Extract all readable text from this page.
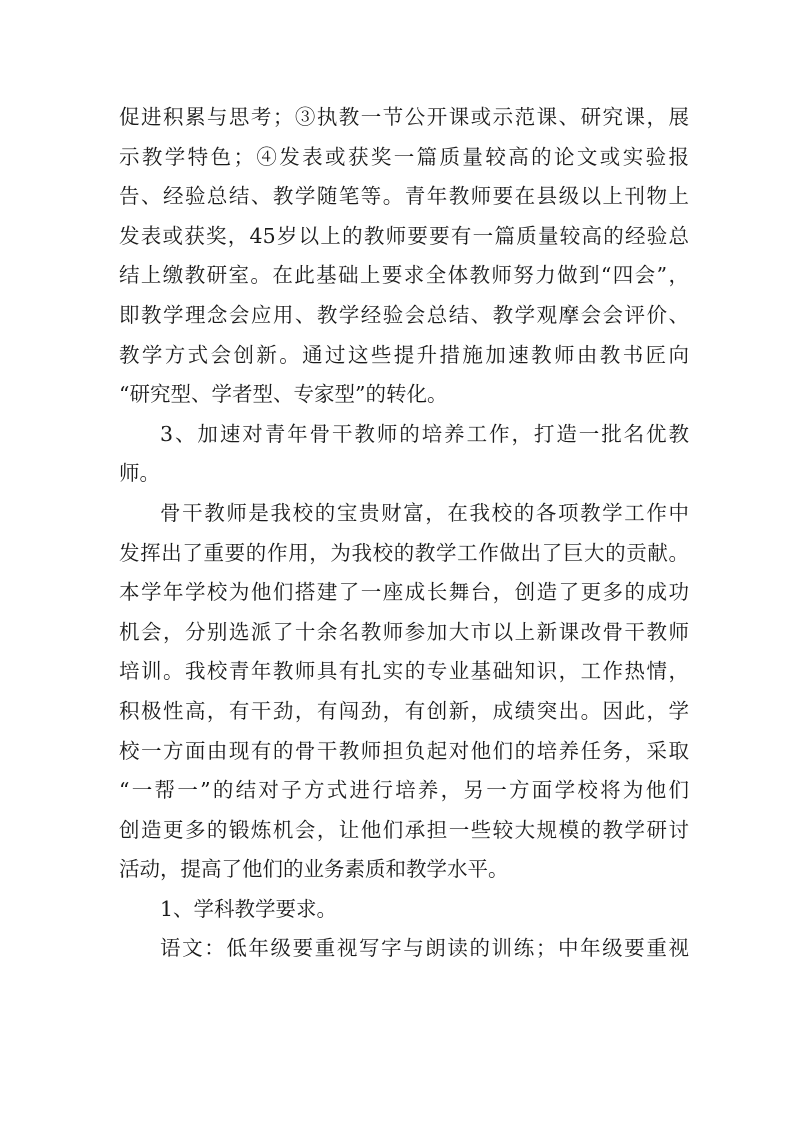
促进积累与思考；③执教一节公开课或示范课、研究课，展
示教学特色；④发表或获奖一篇质量较高的论文或实验报
告、经验总结、教学随笔等。青年教师要在县级以上刊物上
发表或获奖，45岁以上的教师要要有一篇质量较高的经验总
结上缴教研室。在此基础上要求全体教师努力做到“四会”，
即教学理念会应用、教学经验会总结、教学观摩会会评价、
教学方式会创新。通过这些提升措施加速教师由教书匠向
“研究型、学者型、专家型”的转化。
3、加速对青年骨干教师的培养工作，打造一批名优教
师。
骨干教师是我校的宝贵财富，在我校的各项教学工作中
发挥出了重要的作用，为我校的教学工作做出了巨大的贡献。
本学年学校为他们搭建了一座成长舞台，创造了更多的成功
机会，分别选派了十余名教师参加大市以上新课改骨干教师
培训。我校青年教师具有扎实的专业基础知识，工作热情，
积极性高，有干劲，有闯劲，有创新，成绩突出。因此，学
校一方面由现有的骨干教师担负起对他们的培养任务，采取
“一帮一”的结对子方式进行培养，另一方面学校将为他们
创造更多的锻炼机会，让他们承担一些较大规模的教学研讨
活动，提高了他们的业务素质和教学水平。
1、学科教学要求。
语文：低年级要重视写字与朗读的训练；中年级要重视
